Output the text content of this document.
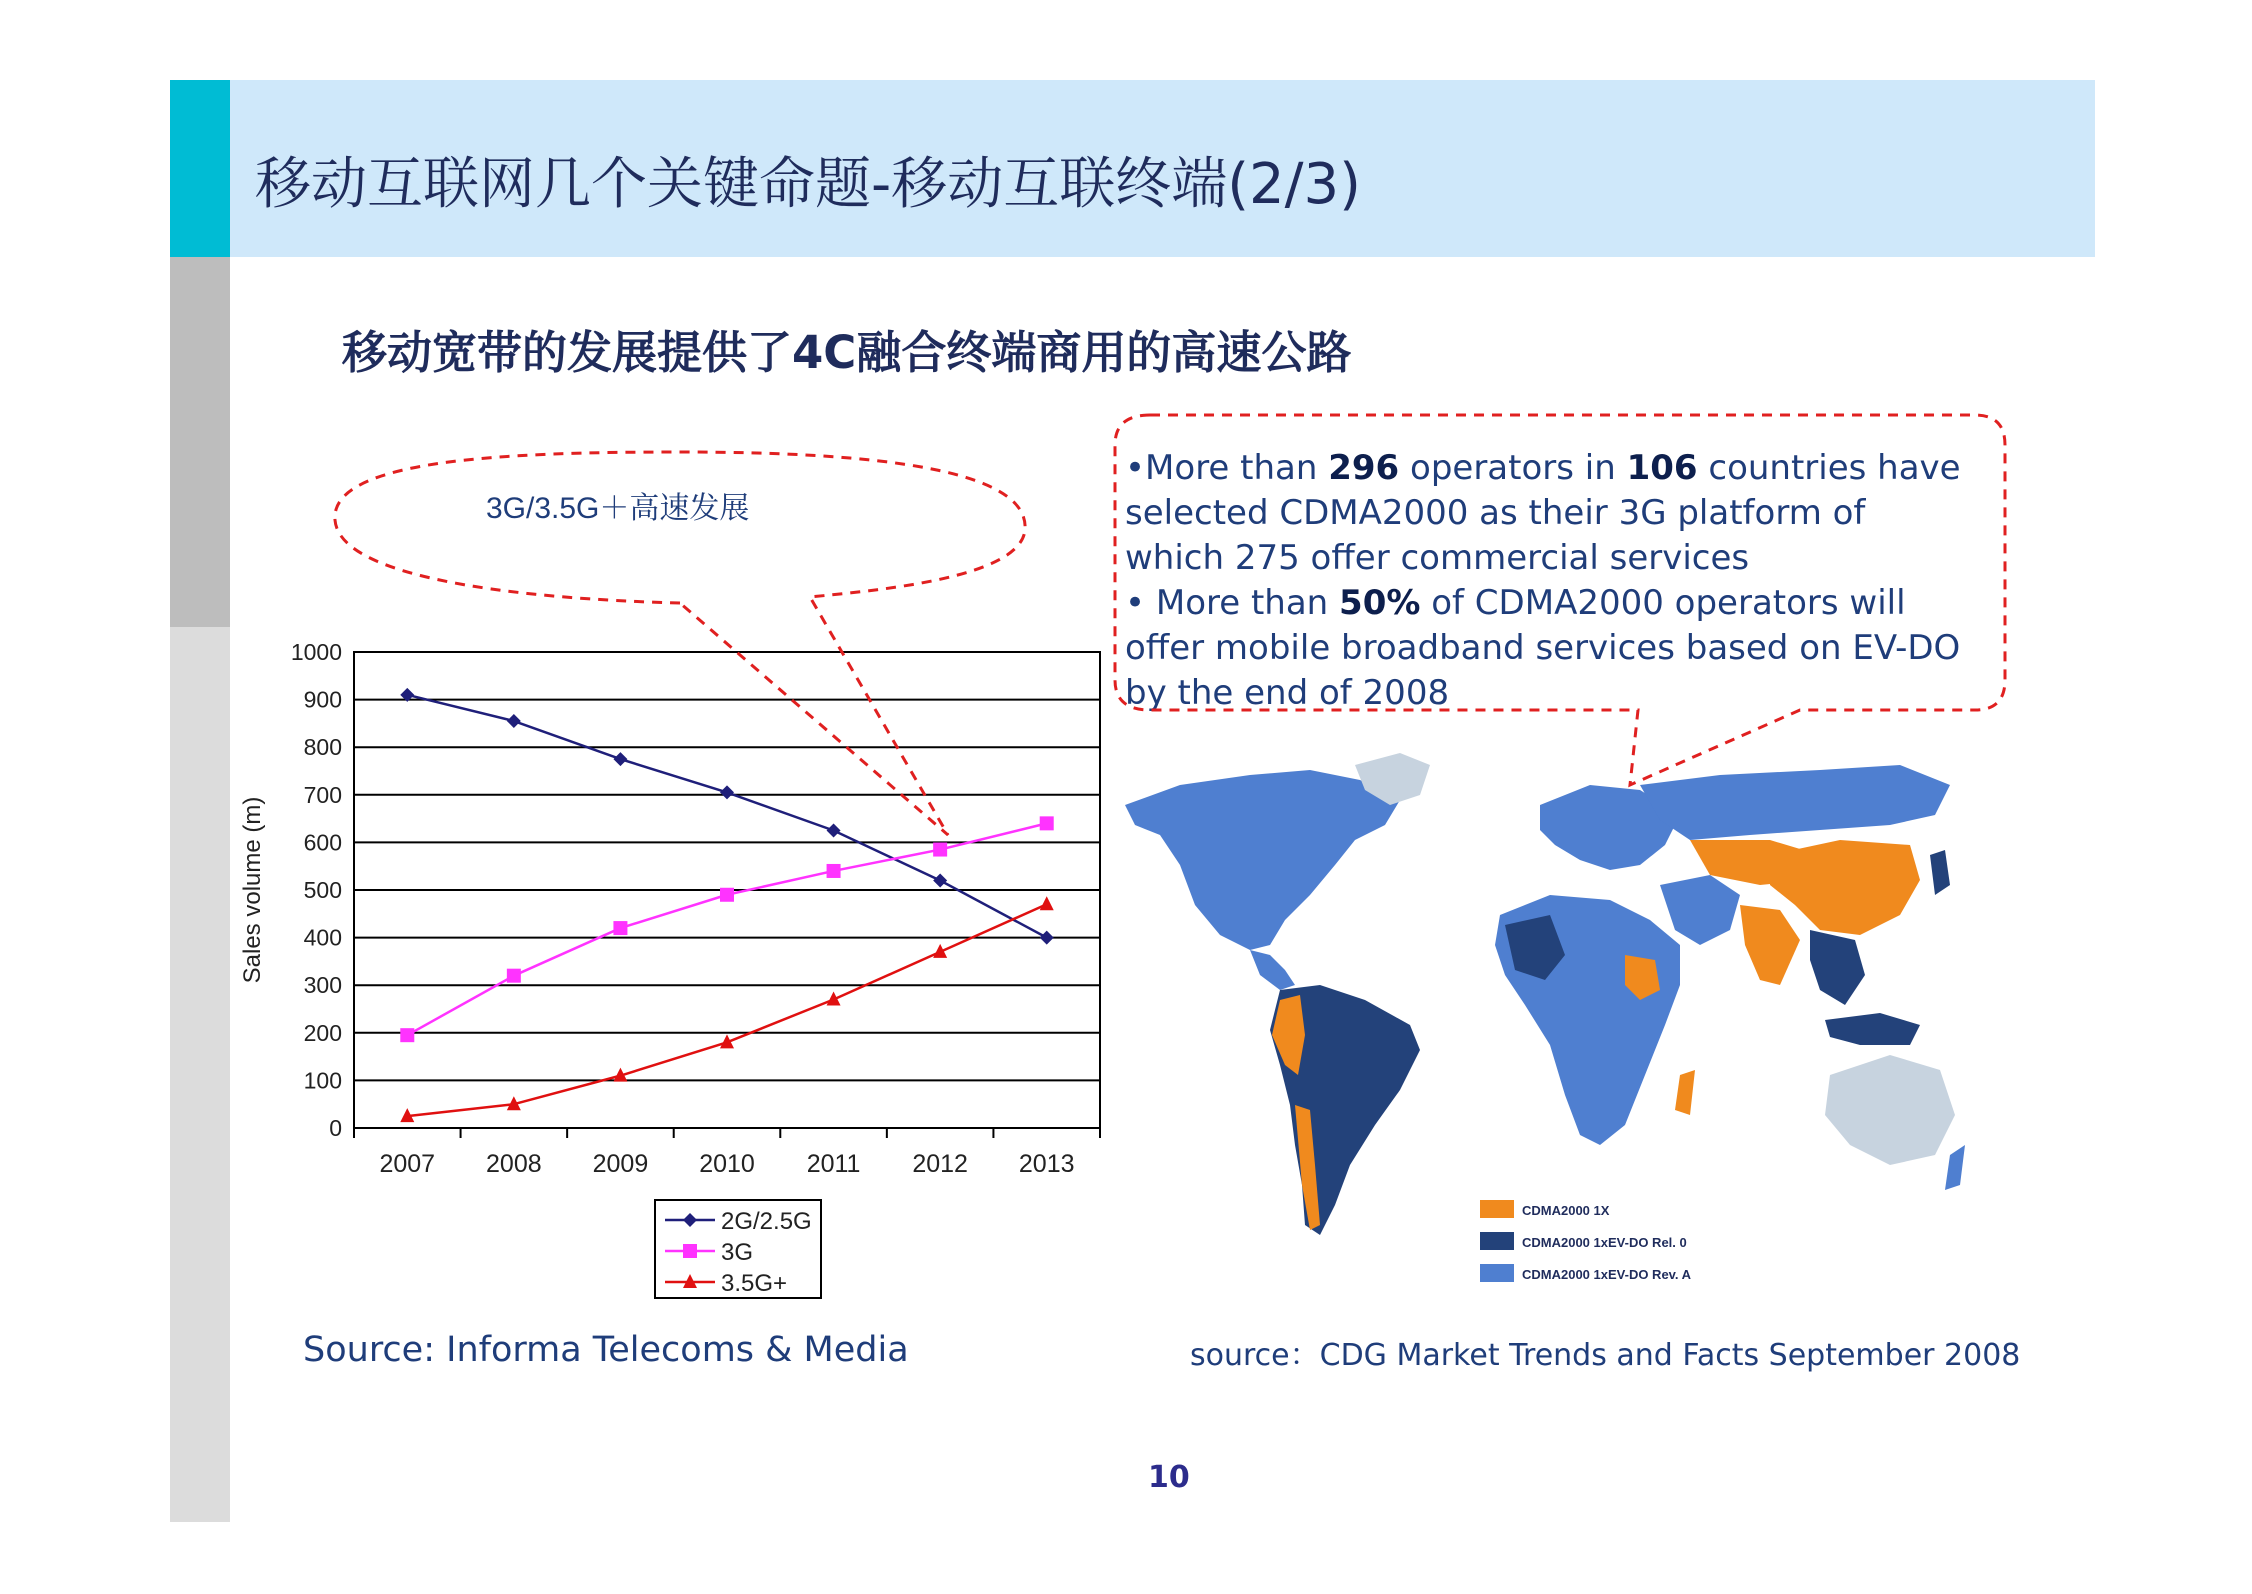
移动互联网几个关键命题-移动互联终端(2/3)
移动宽带的发展提供了4C融合终端商用的高速公路
0
100
200
300
400
500
600
700
800
900
1000
2007 2008 2009 2010 2011 2012 2013
Sales volume (m)
2G/2.5G
3G
3.5G+
CDMA2000 1X
CDMA2000 1xEV-DO Rel. 0
CDMA2000 1xEV-DO Rev. A
•More than 296 operators in 106 countries have
selected CDMA2000 as their 3G platform of
which 275 offer commercial services
• More than 50% of CDMA2000 operators will
offer mobile broadband services based on EV-DO
by the end of 2008
3G/3.5G＋高速发展
Source: Informa Telecoms & Media	source：CDG Market Trends and Facts September 2008
10
